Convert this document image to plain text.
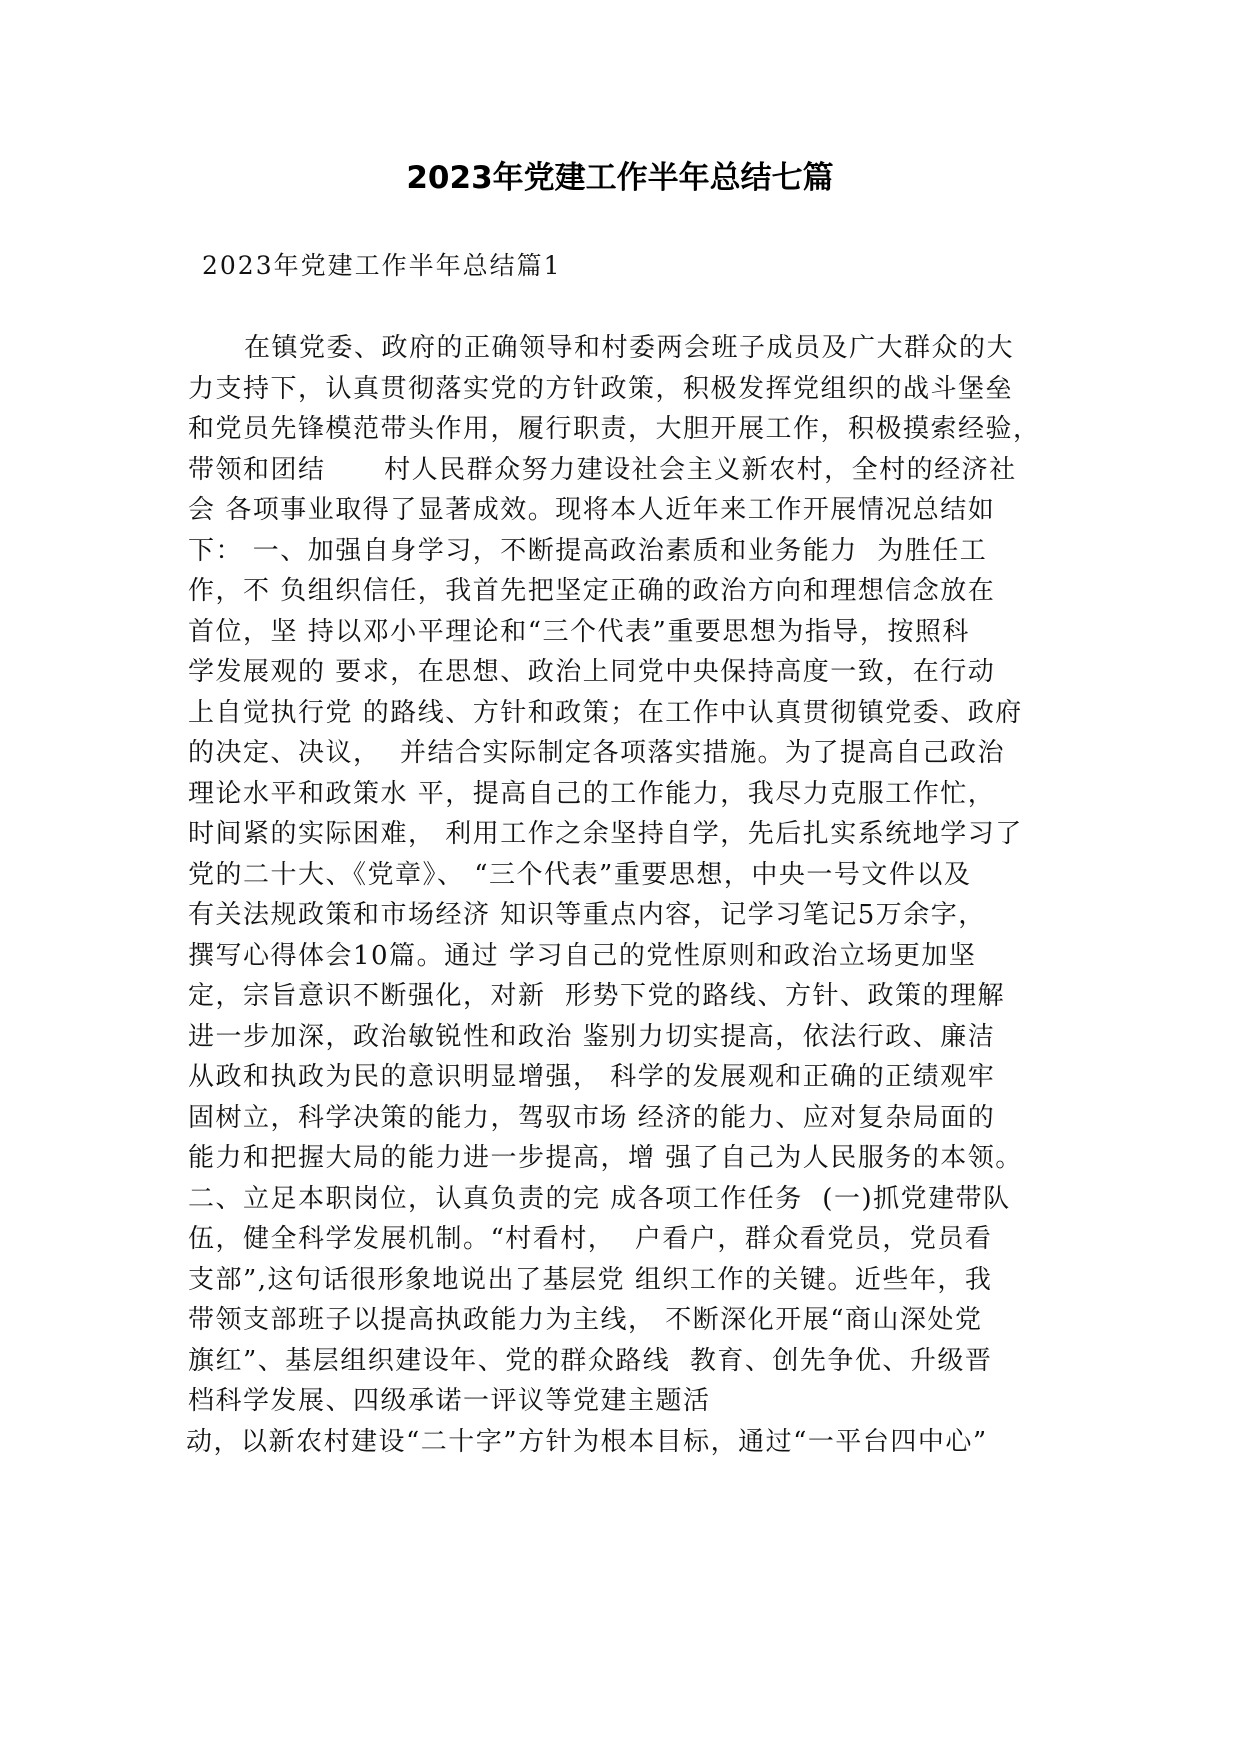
2023年党建工作半年总结七篇
2023年党建工作半年总结篇1
在镇党委、政府的正确领导和村委两会班子成员及广大群众的大
力支持下，认真贯彻落实党的方针政策，积极发挥党组织的战斗堡垒
和党员先锋模范带头作用，履行职责，大胆开展工作，积极摸索经验，
带领和团结      村人民群众努力建设社会主义新农村，全村的经济社
会 各项事业取得了显著成效。现将本人近年来工作开展情况总结如
下： 一、加强自身学习，不断提高政治素质和业务能力  为胜任工
作，不 负组织信任，我首先把坚定正确的政治方向和理想信念放在
首位，坚 持以邓小平理论和“三个代表”重要思想为指导，按照科
学发展观的 要求，在思想、政治上同党中央保持高度一致，在行动
上自觉执行党 的路线、方针和政策；在工作中认真贯彻镇党委、政府
的决定、决议，  并结合实际制定各项落实措施。为了提高自己政治
理论水平和政策水 平，提高自己的工作能力，我尽力克服工作忙，
时间紧的实际困难， 利用工作之余坚持自学，先后扎实系统地学习了
党的二十大、《党章》、 “三个代表”重要思想，中央一号文件以及
有关法规政策和市场经济 知识等重点内容，记学习笔记5万余字，
撰写心得体会10篇。通过 学习自己的党性原则和政治立场更加坚
定，宗旨意识不断强化，对新  形势下党的路线、方针、政策的理解
进一步加深，政治敏锐性和政治 鉴别力切实提高，依法行政、廉洁
从政和执政为民的意识明显增强， 科学的发展观和正确的正绩观牢
固树立，科学决策的能力，驾驭市场 经济的能力、应对复杂局面的
能力和把握大局的能力进一步提高，增 强了自己为人民服务的本领。
二、立足本职岗位，认真负责的完 成各项工作任务  (一)抓党建带队
伍，健全科学发展机制。“村看村，  户看户，群众看党员，党员看
支部”,这句话很形象地说出了基层党 组织工作的关键。近些年，我
带领支部班子以提高执政能力为主线， 不断深化开展“商山深处党
旗红”、基层组织建设年、党的群众路线  教育、创先争优、升级晋
档科学发展、四级承诺一评议等党建主题活
动，以新农村建设“二十字”方针为根本目标，通过“一平台四中心”
